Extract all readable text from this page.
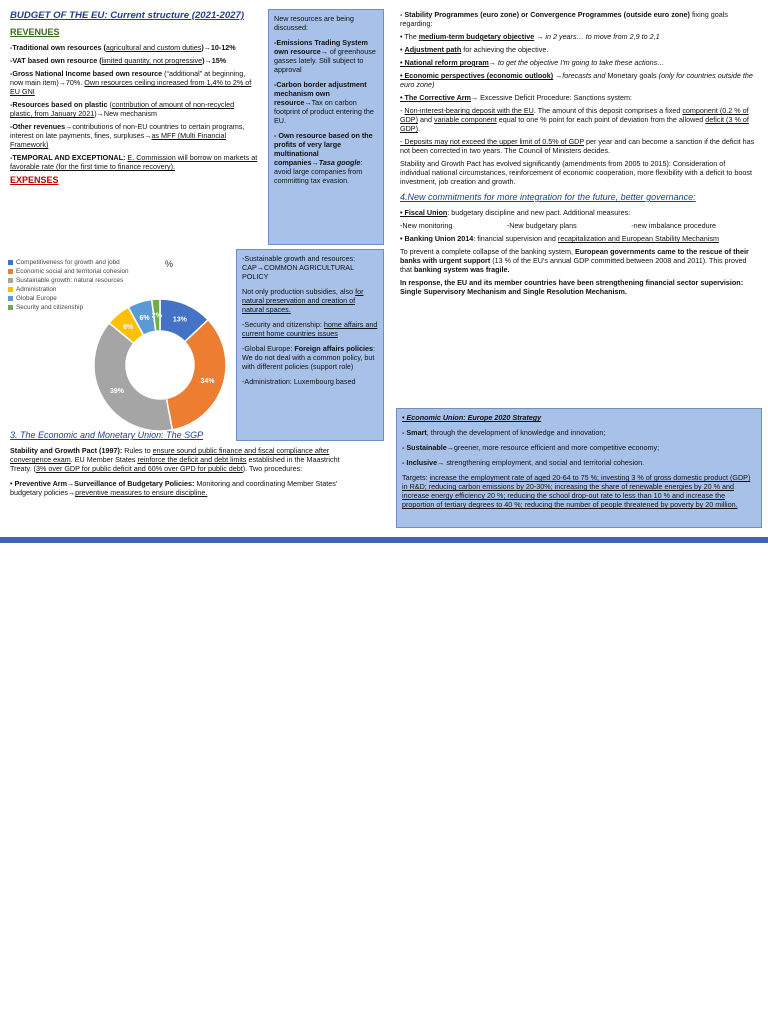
BUDGET OF THE EU: Current structure (2021-2027)
REVENUES

-Traditional own resources (agricultural and custom duties)→10-12%

-VAT based own resource (limited quantity, not progressive)→15%

-Gross National Income based own resource (“additional” at beginning, now main item)→70%. Own resources ceiling increased from 1,4% to 2% of EU GNI

-Resources based on plastic (contribution of amount of non-recycled plastic, from January 2021)→New mechanism

-Other revenues→contributions of non-EU countries to certain programs, interest on late payments, fines, surpluses→as MFF (Multi Financial Framework)

-TEMPORAL AND EXCEPTIONAL: E. Commission will borrow on markets at favorable rate (for the first time to finance recovery).

EXPENSES
Competitiveness for growth and jobd
Economic social and territorial cohesion
Sustainable growth: natural resources
Administration
Global Europe
Security and citizenship
%
13%
34%
39%
6%
6% 2%
3. The Economic and Monetary Union: The SGP

Stability and Growth Pact (1997): Rules to ensure sound public finance and fiscal compliance after convergence exam. EU Member States reinforce the deficit and debt limits established in the Maastricht Treaty. (3% over GDP for public deficit and 60% over GPD for public debt). Two procedures:

• Preventive Arm→Surveillance of Budgetary Policies: Monitoring and coordinating Member States' budgetary policies→preventive measures to ensure discipline.

New resources are being discussed:

-Emissions Trading System own resource→ of greenhouse gasses lately. Still subject to approval

-Carbon border adjustment mechanism own resource→Tax on carbon footprint of product entering the EU.

- Own resource based on the profits of very large multinational companies→Tasa google: avoid large companies from committing tax evasion.

-Sustainable growth and resources: CAP→COMMON AGRICULTURAL POLICY

Not only production subsidies, also for natural preservation and creation of natural spaces.

-Security and citizenship: home affairs and current home countries issues

-Global Europe: Foreign affairs policies: We do not deal with a common policy, but with different policies (support role)

-Administration: Luxembourg based

- Stability Programmes (euro zone) or Convergence Programmes (outside euro zone) fixing goals regarding:

• The medium-term budgetary objective → in 2 years… to move from 2,9 to 2,1

• Adjustment path for achieving the objective.

• National reform program→ to get the objective I'm going to take these actions…

• Economic perspectives (economic outlook) →forecasts and Monetary goals (only for countries outside the euro zone)

• The Corrective Arm→ Excessive Deficit Procedure: Sanctions system:

- Non-interest-bearing deposit with the EU. The amount of this deposit comprises a fixed component (0.2 % of GDP) and variable component equal to one % point for each point of deviation from the allowed deficit (3 % of GDP).

- Deposits may not exceed the upper limit of 0.5% of GDP per year and can become a sanction if the deficit has not been corrected in two years. The Council of Ministers decides.

Stability and Growth Pact has evolved significantly (amendments from 2005 to 2015): Consideration of individual national circumstances, reinforcement of economic cooperation, more flexibility with a deficit to boost investment, job creation and growth.

4.New commitments for more integration for the future, better governance:

• Fiscal Union: budgetary discipline and new pact. Additional measures:

-New monitoring	-New budgetary plans	-new imbalance procedure

• Banking Union 2014: financial supervision and recapitalization and European Stability Mechanism

To prevent a complete collapse of the banking system, European governments came to the rescue of their banks with urgent support (13 % of the EU's annual GDP committed between 2008 and 2011). This proved that banking system was fragile.

In response, the EU and its member countries have been strengthening financial sector supervision: Single Supervisory Mechanism and Single Resolution Mechanism.

• Economic Union: Europe 2020 Strategy

- Smart, through the development of knowledge and innovation;

- Sustainable→greener, more resource efficient and more competitive economy;

- Inclusive→ strengthening employment, and social and territorial cohesion.

Targets: increase the employment rate of aged 20-64 to 75 %; investing 3 % of gross domestic product (GDP) in R&D; reducing carbon emissions by 20-30%; increasing the share of renewable energies by 20 % and increase energy efficiency 20 %; reducing the school drop-out rate to less than 10 % and increase the proportion of tertiary degrees to 40 %; reducing the number of people threatened by poverty by 20 million.
